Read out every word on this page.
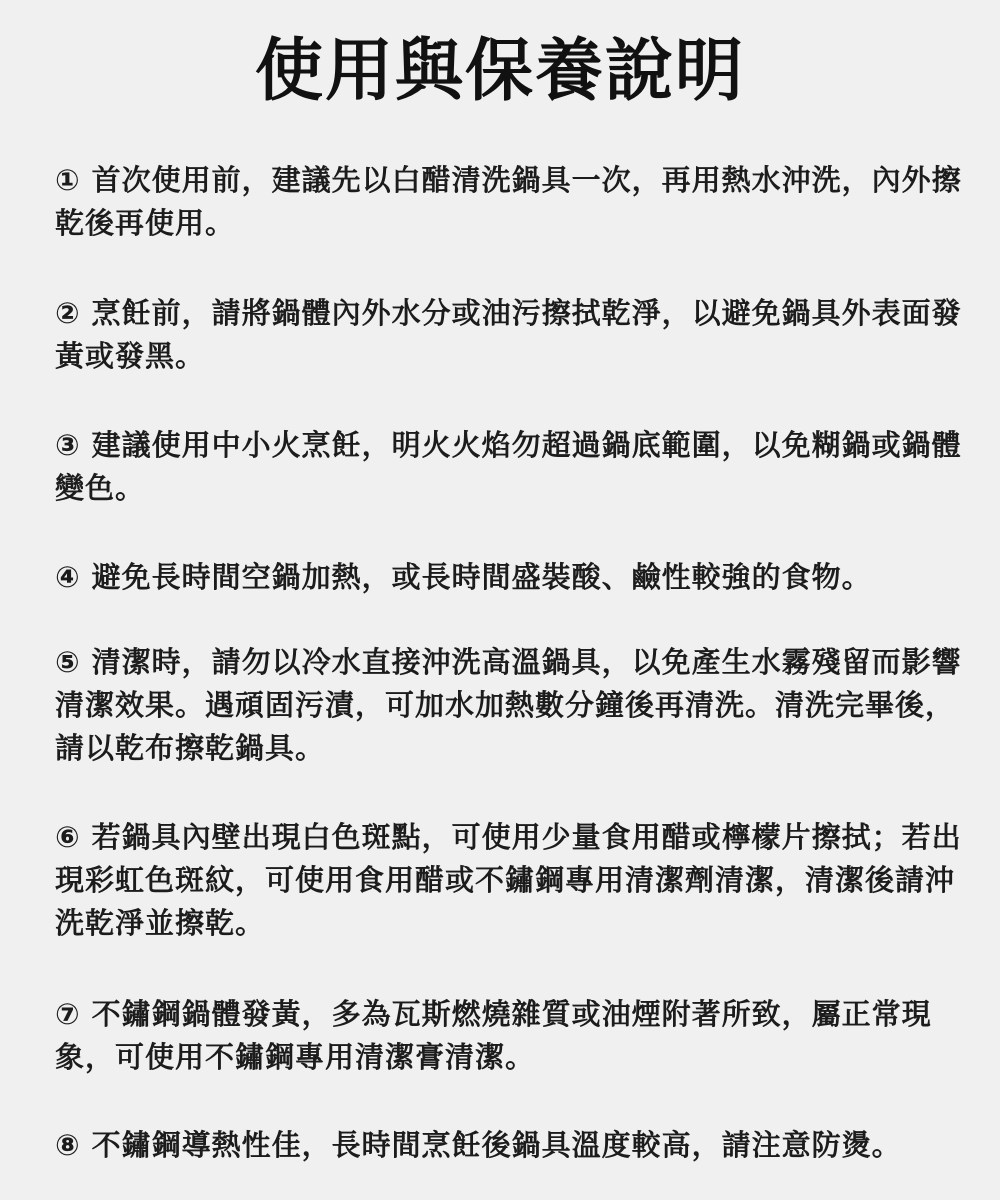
使用與保養說明
① 首次使用前，建議先以白醋清洗鍋具一次，再用熱水沖洗，內外擦乾後再使用。
② 烹飪前，請將鍋體內外水分或油污擦拭乾淨，以避免鍋具外表面發黃或發黑。
③ 建議使用中小火烹飪，明火火焰勿超過鍋底範圍，以免糊鍋或鍋體變色。
④ 避免長時間空鍋加熱，或長時間盛裝酸、鹼性較強的食物。
⑤ 清潔時，請勿以冷水直接沖洗高溫鍋具，以免產生水霧殘留而影響清潔效果。遇頑固污漬，可加水加熱數分鐘後再清洗。清洗完畢後，請以乾布擦乾鍋具。
⑥ 若鍋具內壁出現白色斑點，可使用少量食用醋或檸檬片擦拭；若出現彩虹色斑紋，可使用食用醋或不鏽鋼專用清潔劑清潔，清潔後請沖洗乾淨並擦乾。
⑦ 不鏽鋼鍋體發黃，多為瓦斯燃燒雜質或油煙附著所致，屬正常現象，可使用不鏽鋼專用清潔膏清潔。
⑧ 不鏽鋼導熱性佳，長時間烹飪後鍋具溫度較高，請注意防燙。
